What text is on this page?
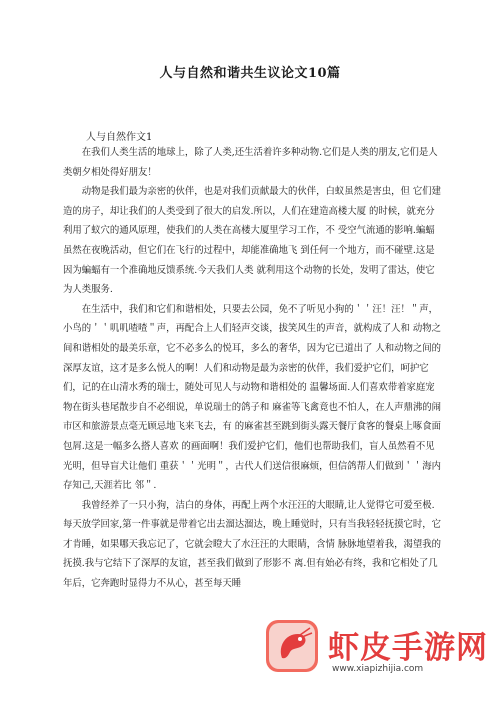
人与自然和谐共生议论文10篇
人与自然作文1

在我们人类生活的地球上，除了人类,还生活着许多种动物.它们是人类的朋友,它们是人类朝夕相处得好朋友！

动物是我们最为亲密的伙伴，也是对我们贡献最大的伙伴，白蚁虽然是害虫，但 它们建造的房子，却让我们的人类受到了很大的启发.所以，人们在建造高楼大厦 的时候，就充分利用了蚁穴的通风原理，使我们的人类在高楼大厦里学习工作，不 受空气流通的影响.蝙蝠虽然在夜晚活动，但它们在飞行的过程中，却能准确地飞 到任何一个地方，而不碰壁.这是因为蝙蝠有一个准确地反馈系统.今天我们人类 就利用这个动物的长处，发明了雷达，使它为人类服务.

在生活中，我们和它们和谐相处，只要去公园，免不了听见小狗的＇＇汪！汪！＂声，小鸟的＇＇叽叽喳喳＂声，再配合上人们轻声交谈，拔笑风生的声音，就构成了人和 动物之间和谐相处的最美乐章，它不必多么的悦耳，多么的奢华，因为它已道出了 人和动物之间的深厚友谊，这才是多么悦人的啊！人们和动物是最为亲密的伙伴，我们爱护它们，呵护它们，记的在山清水秀的瑞士，随处可见人与动物和谐相处的 温馨场面.人们喜欢带着家庭宠物在街头巷尾散步自不必细说，单说瑞士的鸽子和 麻雀等飞禽竟也不怕人，在人声鼎沸的闹市区和旅游景点毫无顾忌地飞来飞去，有 的麻雀甚至跳到街头露天餐厅食客的餐桌上啄食面包屑.这是一幅多么搭人喜欢 的画面啊！我们爱护它们，他们也帮助我们，盲人虽然看不见光明，但导盲犬让他们 重获＇＇光明＂，古代人们送信很麻烦，但信鸽帮人们做到＇＇海内存知己,天涯若比 邻＂.

我曾经养了一只小狗，洁白的身体，再配上两个水汪汪的大眼睛,让人觉得它可爱至极.每天放学回家,第一件事就是带着它出去溜达溜达，晚上睡觉时，只有当我轻轻抚摸它时，它才肯睡，如果哪天我忘记了，它就会瞪大了水汪汪的大眼睛，含情 脉脉地望着我，渴望我的抚摸.我与它结下了深厚的友谊，甚至我们做到了形影不 离.但有始必有终，我和它相处了几年后，它奔跑时显得力不从心，甚至每天睡

虾皮手游网
www.xiapizhijia.com
